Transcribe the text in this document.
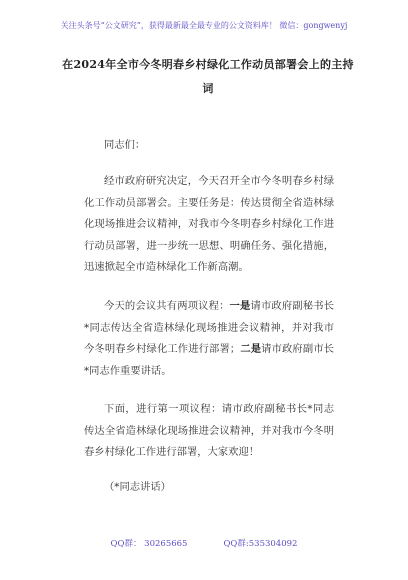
关注头条号“公文研究”，获得最新最全最专业的公文资料库！ 微信：gongwenyj
在2024年全市今冬明春乡村绿化工作动员部署会上的主持词
同志们：
经市政府研究决定，今天召开全市今冬明春乡村绿化工作动员部署会。主要任务是：传达贯彻全省造林绿化现场推进会议精神，对我市今冬明春乡村绿化工作进行动员部署，进一步统一思想、明确任务、强化措施，迅速掀起全市造林绿化工作新高潮。
今天的会议共有两项议程：一是请市政府副秘书长*同志传达全省造林绿化现场推进会议精神，并对我市今冬明春乡村绿化工作进行部署；二是请市政府副市长*同志作重要讲话。
下面，进行第一项议程：请市政府副秘书长*同志传达全省造林绿化现场推进会议精神，并对我市今冬明春乡村绿化工作进行部署，大家欢迎！
（*同志讲话）
QQ群： 30265665	QQ群:535304092
